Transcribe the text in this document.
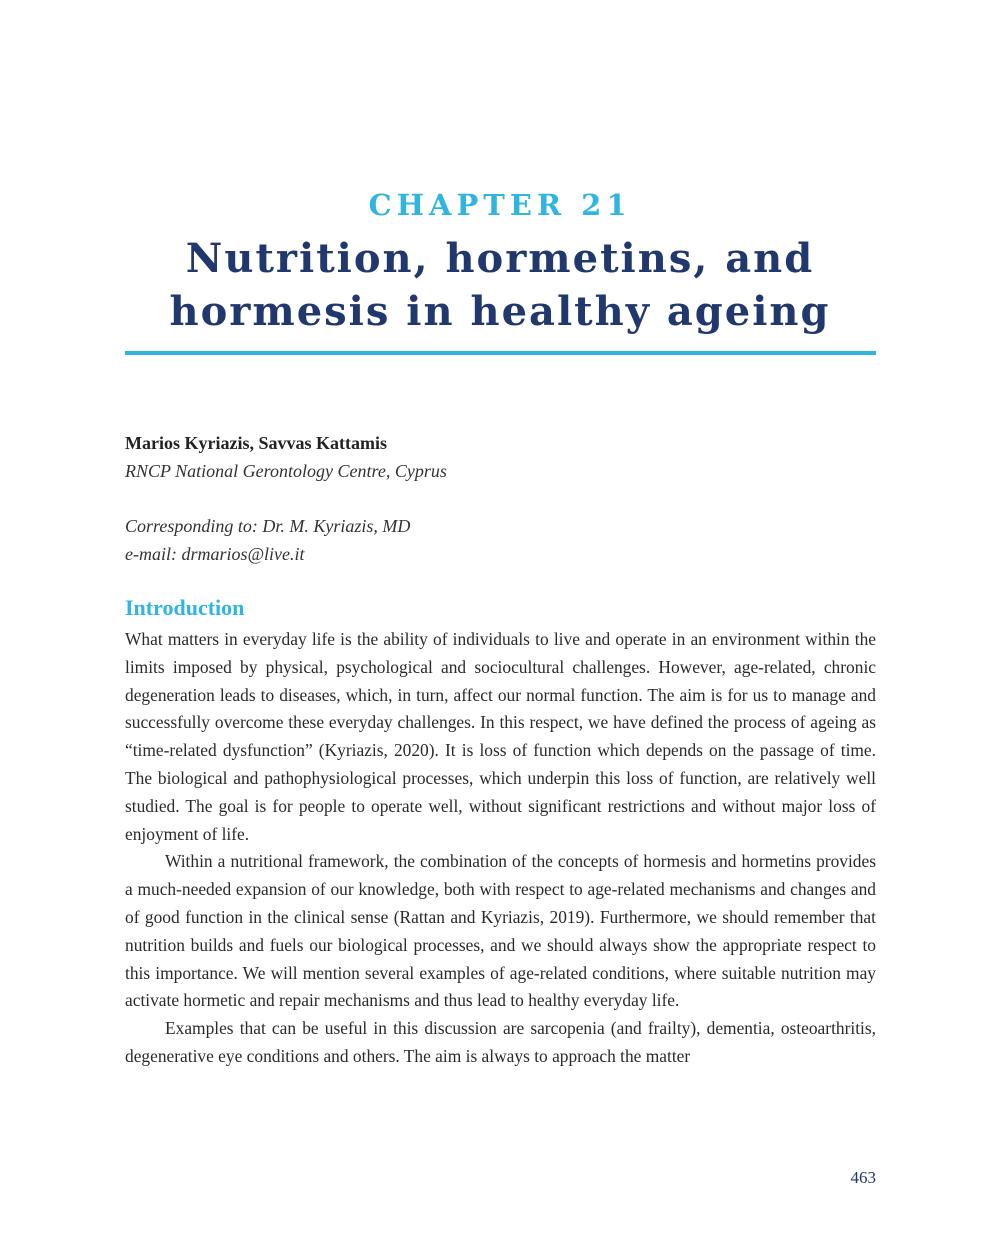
CHAPTER 21
Nutrition, hormetins, and
hormesis in healthy ageing
Marios Kyriazis, Savvas Kattamis
RNCP National Gerontology Centre, Cyprus
Corresponding to: Dr. M. Kyriazis, MD
e-mail: drmarios@live.it
Introduction

What matters in everyday life is the ability of individuals to live and operate in an environment within the limits imposed by physical, psychological and sociocultural challenges. However, age-related, chronic degeneration leads to diseases, which, in turn, affect our normal function. The aim is for us to manage and successfully overcome these everyday challenges. In this respect, we have defined the process of ageing as “time-related dysfunction” (Kyriazis, 2020). It is loss of function which depends on the passage of time. The biological and pathophysiological processes, which underpin this loss of function, are relatively well studied. The goal is for people to operate well, without significant restrictions and without major loss of enjoyment of life.

Within a nutritional framework, the combination of the concepts of hormesis and hormetins provides a much-needed expansion of our knowledge, both with respect to age-related mechanisms and changes and of good function in the clinical sense (Rattan and Kyriazis, 2019). Furthermore, we should remember that nutrition builds and fuels our biological processes, and we should always show the appropriate respect to this importance. We will mention several examples of age-related conditions, where suitable nutrition may activate hormetic and repair mechanisms and thus lead to healthy everyday life.

Examples that can be useful in this discussion are sarcopenia (and frailty), dementia, osteoarthritis, degenerative eye conditions and others. The aim is always to approach the matter

463
